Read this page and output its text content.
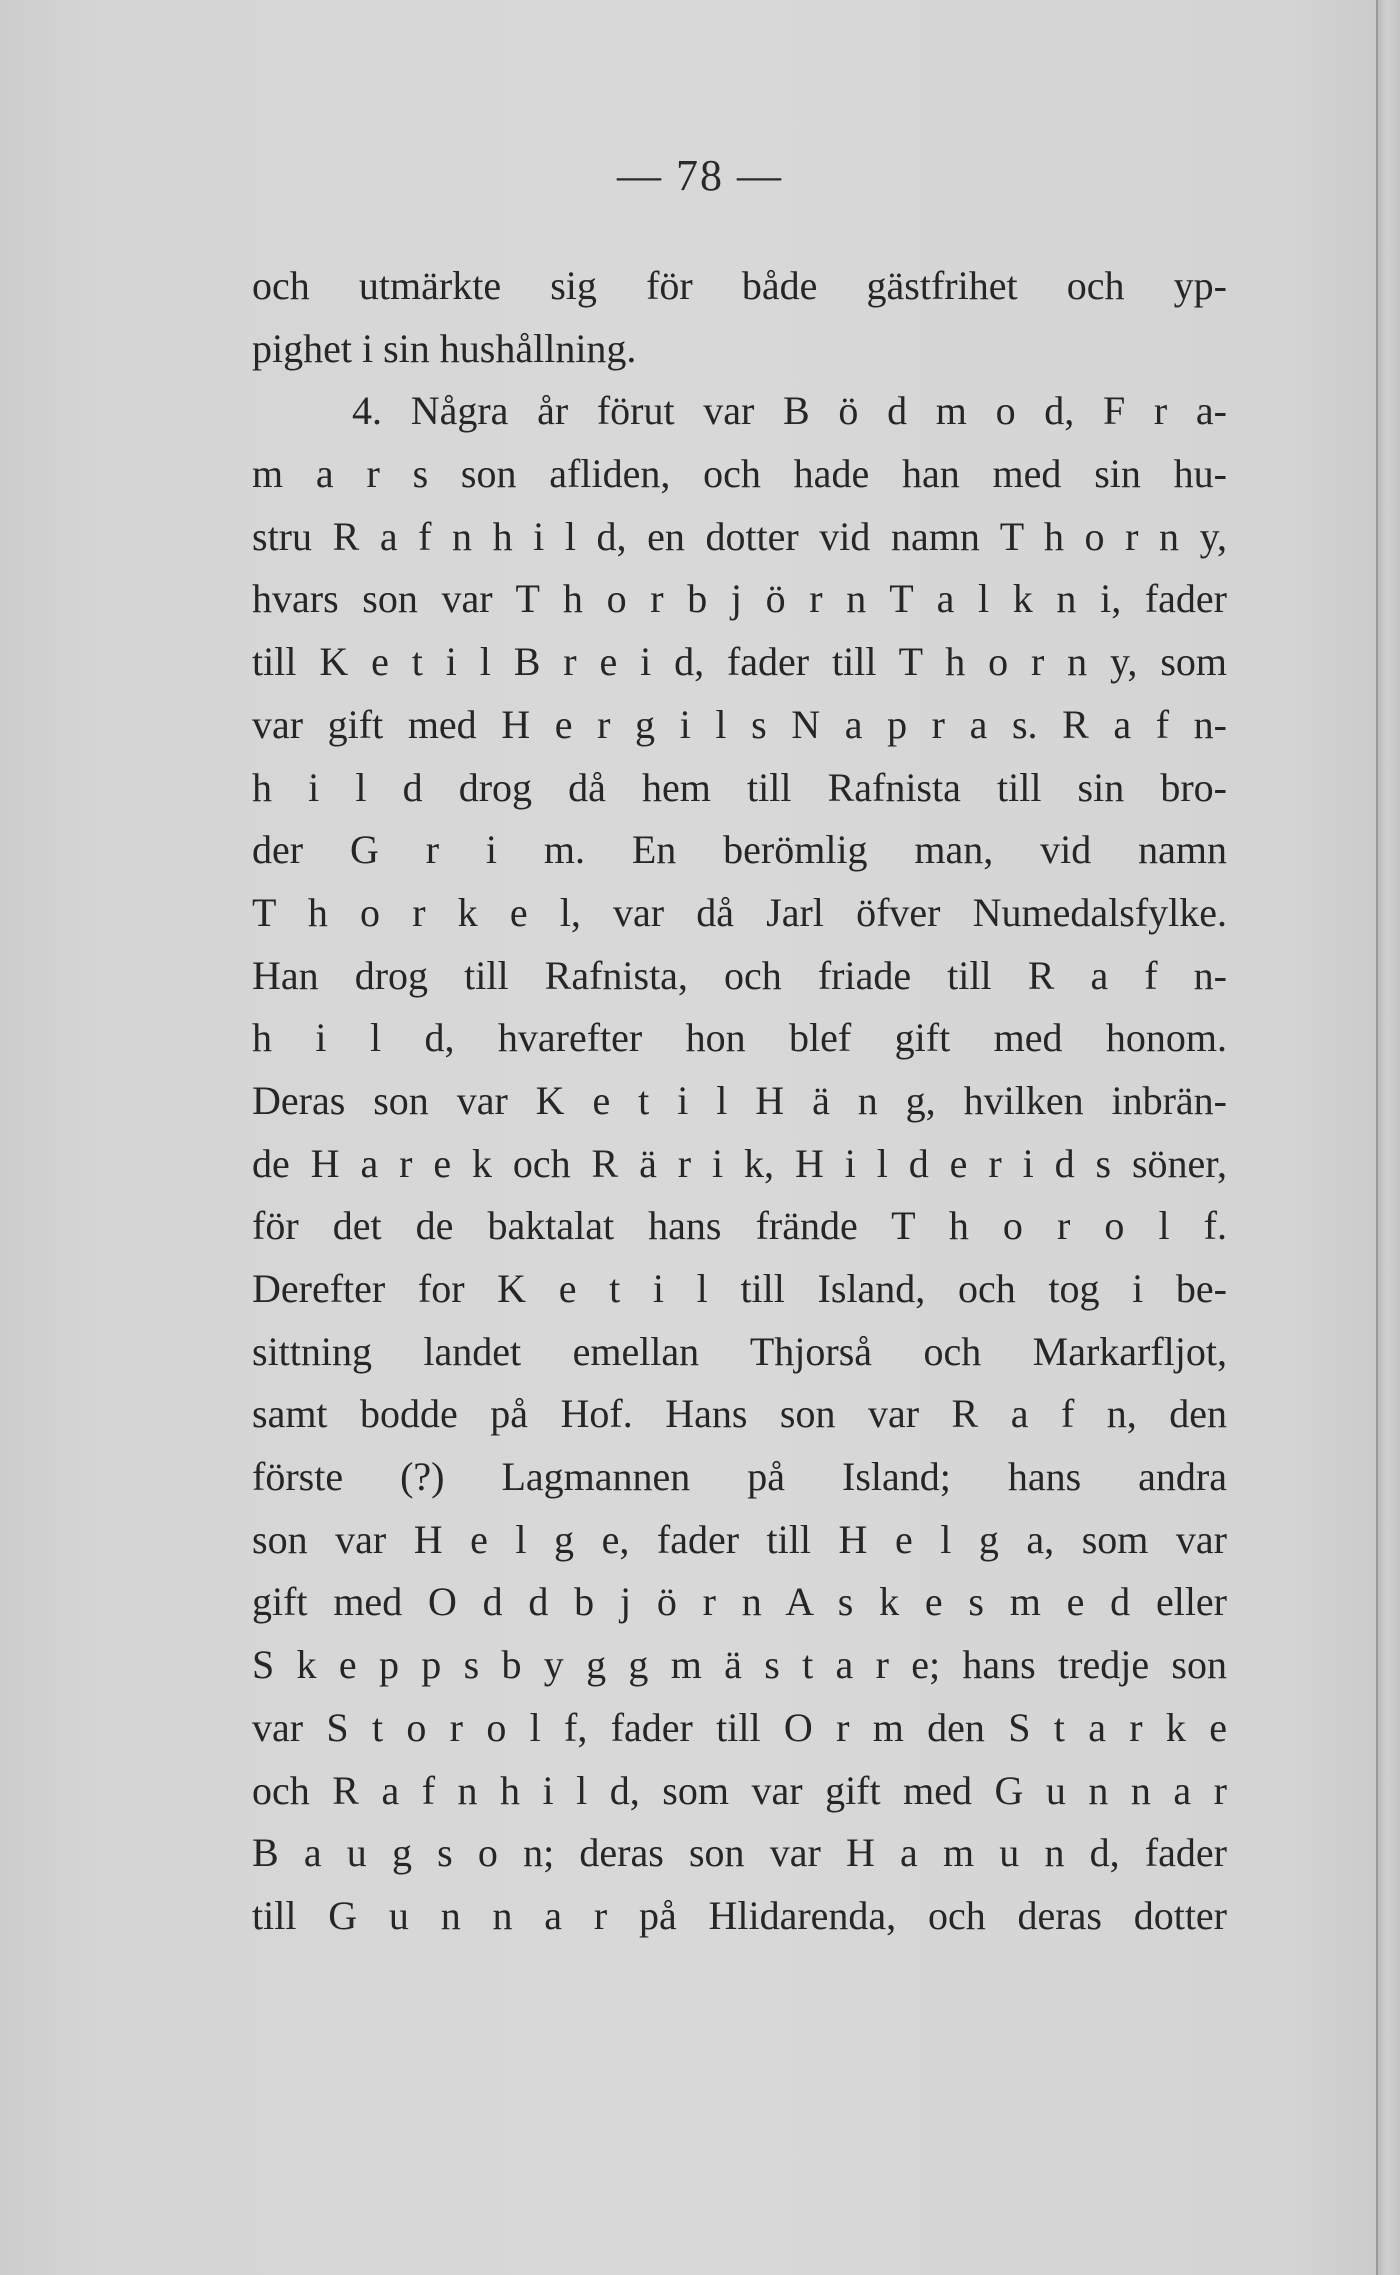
— 78 —
och utmärkte sig för både gästfrihet och yp-
pighet i sin hushållning.
4. Några år förut var B ö d m o d, F r a-
m a r s son afliden, och hade han med sin hu-
stru R a f n h i l d, en dotter vid namn T h o r n y,
hvars son var T h o r b j ö r n T a l k n i, fader
till K e t i l B r e i d, fader till T h o r n y, som
var gift med H e r g i l s N a p r a s. R a f n-
h i l d drog då hem till Rafnista till sin bro-
der G r i m. En berömlig man, vid namn
T h o r k e l, var då Jarl öfver Numedalsfylke.
Han drog till Rafnista, och friade till R a f n-
h i l d, hvarefter hon blef gift med honom.
Deras son var K e t i l H ä n g, hvilken inbrän-
de H a r e k och R ä r i k, H i l d e r i d s söner,
för det de baktalat hans frände T h o r o l f.
Derefter for K e t i l till Island, och tog i be-
sittning landet emellan Thjorså och Markarfljot,
samt bodde på Hof. Hans son var R a f n, den
förste (?) Lagmannen på Island; hans andra
son var H e l g e, fader till H e l g a, som var
gift med O d d b j ö r n A s k e s m e d eller
S k e p p s b y g g m ä s t a r e; hans tredje son
var S t o r o l f, fader till O r m den S t a r k e
och R a f n h i l d, som var gift med G u n n a r
B a u g s o n; deras son var H a m u n d, fader
till G u n n a r på Hlidarenda, och deras dotter
